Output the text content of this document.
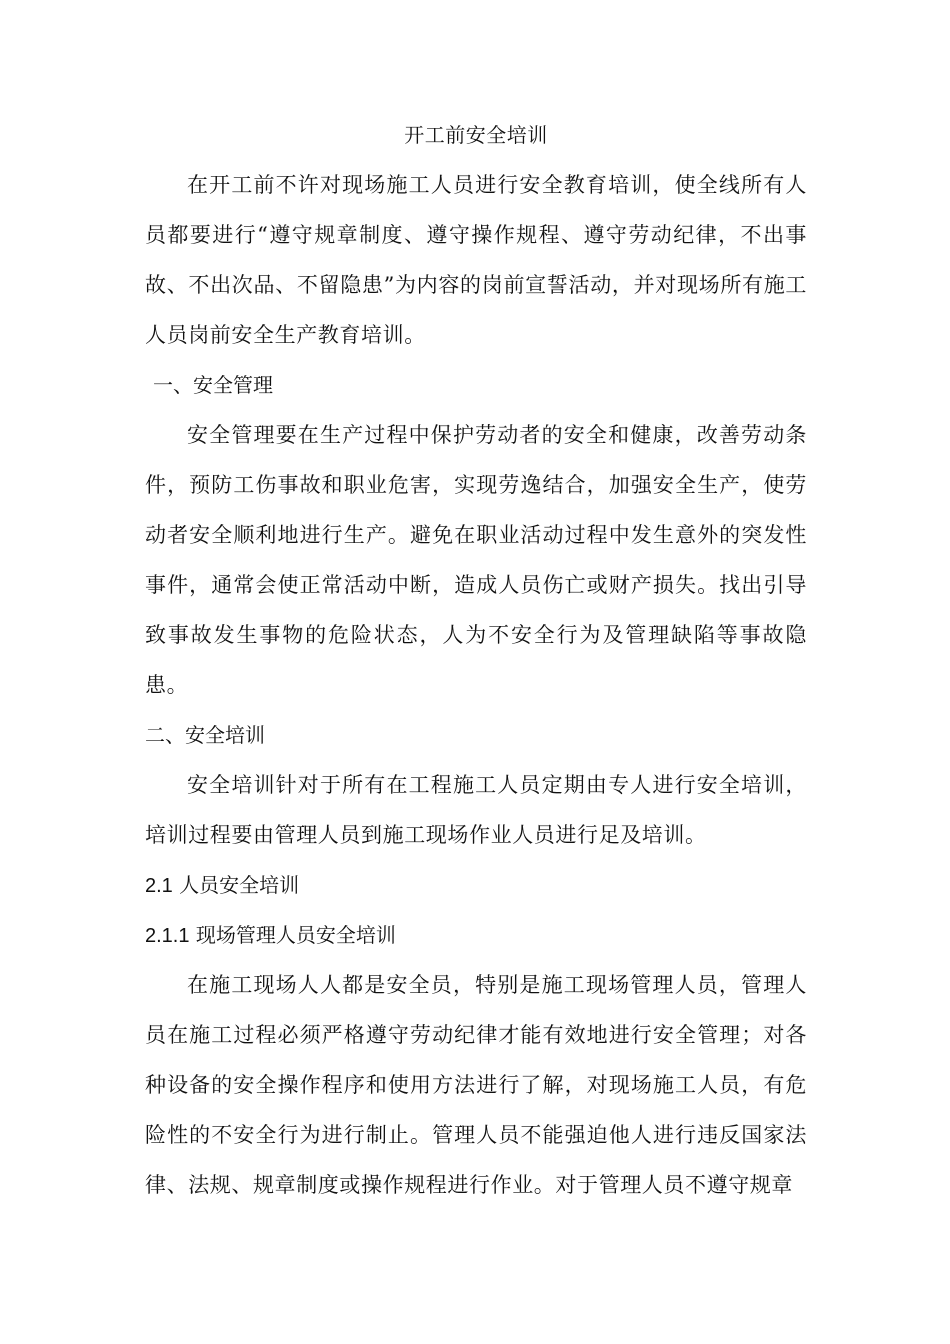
开工前安全培训

在开工前不许对现场施工人员进行安全教育培训，使全线所有人员都要进行“遵守规章制度、遵守操作规程、遵守劳动纪律，不出事故、不出次品、不留隐患”为内容的岗前宣誓活动，并对现场所有施工人员岗前安全生产教育培训。

一、安全管理

安全管理要在生产过程中保护劳动者的安全和健康，改善劳动条件，预防工伤事故和职业危害，实现劳逸结合，加强安全生产，使劳动者安全顺利地进行生产。避免在职业活动过程中发生意外的突发性事件，通常会使正常活动中断，造成人员伤亡或财产损失。找出引导致事故发生事物的危险状态，人为不安全行为及管理缺陷等事故隐患。

二、安全培训

安全培训针对于所有在工程施工人员定期由专人进行安全培训，培训过程要由管理人员到施工现场作业人员进行足及培训。

2.1 人员安全培训
2.1.1 现场管理人员安全培训

在施工现场人人都是安全员，特别是施工现场管理人员，管理人员在施工过程必须严格遵守劳动纪律才能有效地进行安全管理；对各种设备的安全操作程序和使用方法进行了解，对现场施工人员，有危险性的不安全行为进行制止。管理人员不能强迫他人进行违反国家法律、法规、规章制度或操作规程进行作业。对于管理人员不遵守规章
